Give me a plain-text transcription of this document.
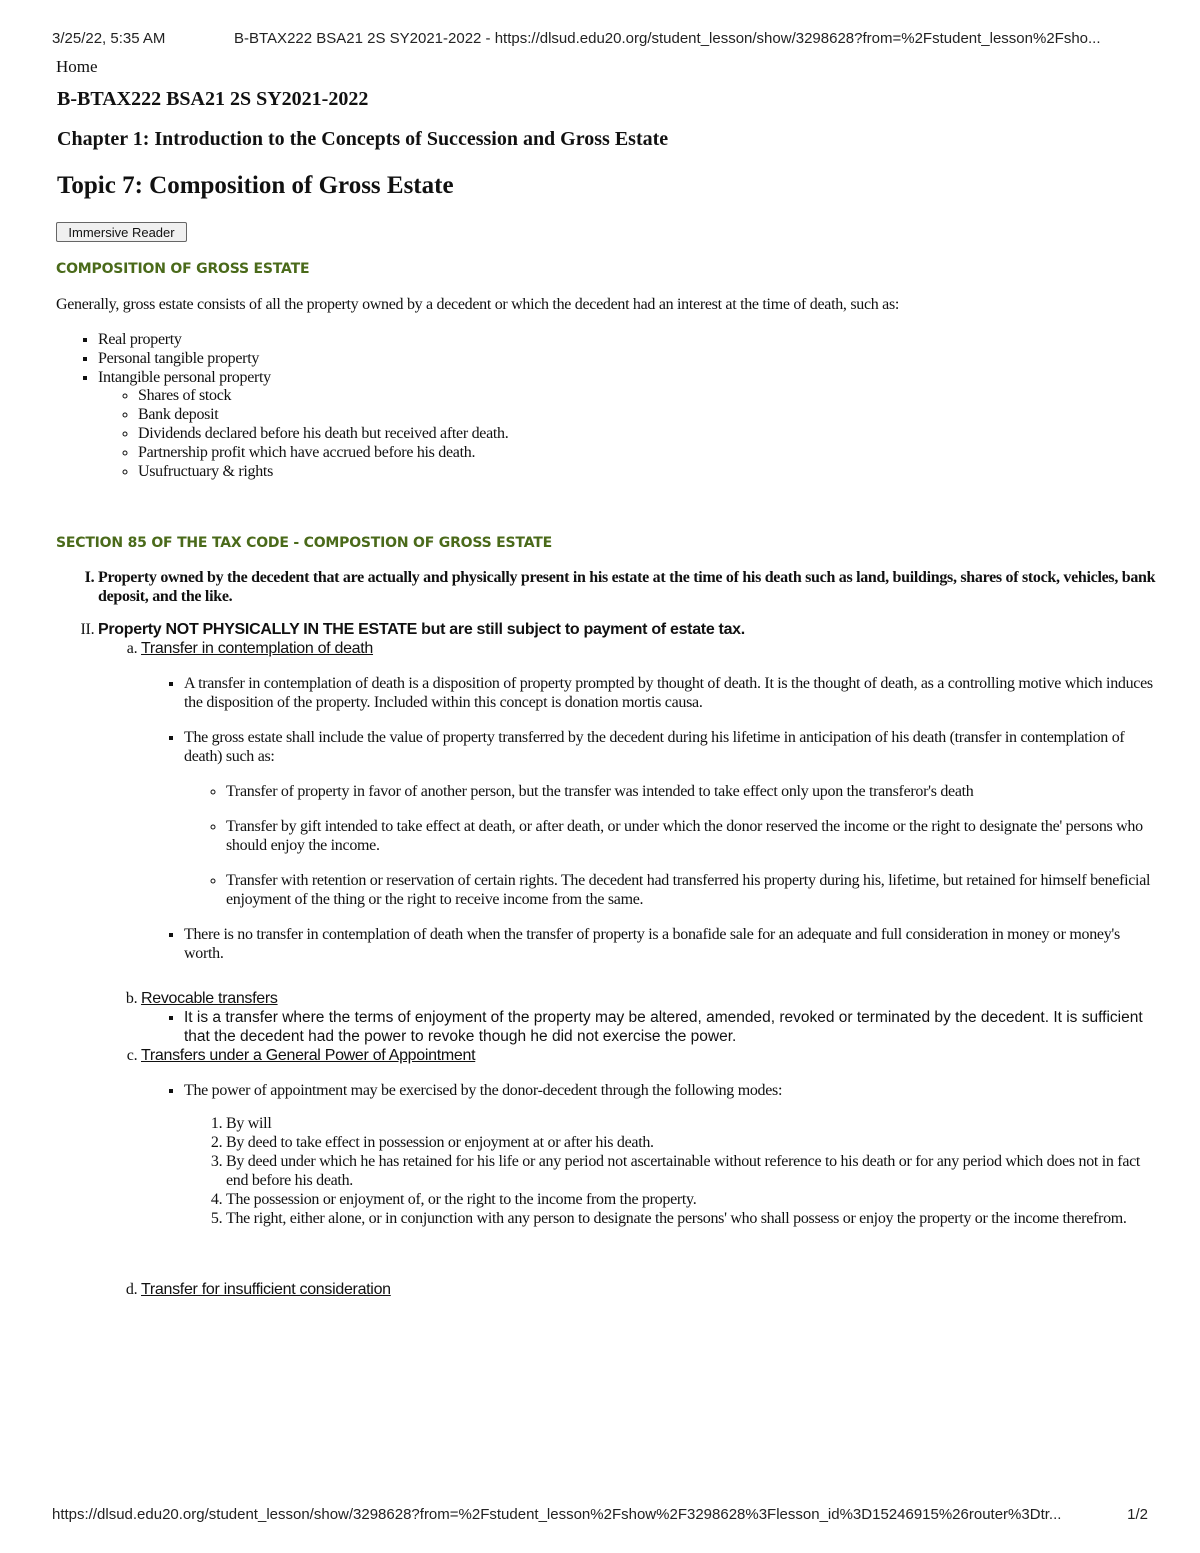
3/25/22, 5:35 AM	B-BTAX222 BSA21 2S SY2021-2022 - https://dlsud.edu20.org/student_lesson/show/3298628?from=%2Fstudent_lesson%2Fsho...
Home
B-BTAX222 BSA21 2S SY2021-2022
Chapter 1: Introduction to the Concepts of Succession and Gross Estate
Topic 7: Composition of Gross Estate
Immersive Reader
COMPOSITION OF GROSS ESTATE
Generally, gross estate consists of all the property owned by a decedent or which the decedent had an interest at the time of death, such as:
▪ Real property
▪ Personal tangible property
▪ Intangible personal property
◦ Shares of stock
◦ Bank deposit
◦ Dividends declared before his death but received after death.
◦ Partnership profit which have accrued before his death.
◦ Usufructuary & rights
SECTION 85 OF THE TAX CODE - COMPOSTION OF GROSS ESTATE
I. Property owned by the decedent that are actually and physically present in his estate at the time of his death such as land, buildings, shares of stock, vehicles, bank deposit, and the like.
II. Property NOT PHYSICALLY IN THE ESTATE but are still subject to payment of estate tax.
a. Transfer in contemplation of death
▪ A transfer in contemplation of death is a disposition of property prompted by thought of death. It is the thought of death, as a controlling motive which induces the disposition of the property. Included within this concept is donation mortis causa.
▪ The gross estate shall include the value of property transferred by the decedent during his lifetime in anticipation of his death (transfer in contemplation of death) such as:
◦ Transfer of property in favor of another person, but the transfer was intended to take effect only upon the transferor's death
◦ Transfer by gift intended to take effect at death, or after death, or under which the donor reserved the income or the right to designate the' persons who should enjoy the income.
◦ Transfer with retention or reservation of certain rights. The decedent had transferred his property during his, lifetime, but retained for himself beneficial enjoyment of the thing or the right to receive income from the same.
▪ There is no transfer in contemplation of death when the transfer of property is a bonafide sale for an adequate and full consideration in money or money's worth.
b. Revocable transfers
▪ It is a transfer where the terms of enjoyment of the property may be altered, amended, revoked or terminated by the decedent. It is sufficient that the decedent had the power to revoke though he did not exercise the power.
c. Transfers under a General Power of Appointment
▪ The power of appointment may be exercised by the donor-decedent through the following modes:
1. By will
2. By deed to take effect in possession or enjoyment at or after his death.
3. By deed under which he has retained for his life or any period not ascertainable without reference to his death or for any period which does not in fact end before his death.
4. The possession or enjoyment of, or the right to the income from the property.
5. The right, either alone, or in conjunction with any person to designate the persons' who shall possess or enjoy the property or the income therefrom.
d. Transfer for insufficient consideration
https://dlsud.edu20.org/student_lesson/show/3298628?from=%2Fstudent_lesson%2Fshow%2F3298628%3Flesson_id%3D15246915%26router%3Dtr...	1/2
